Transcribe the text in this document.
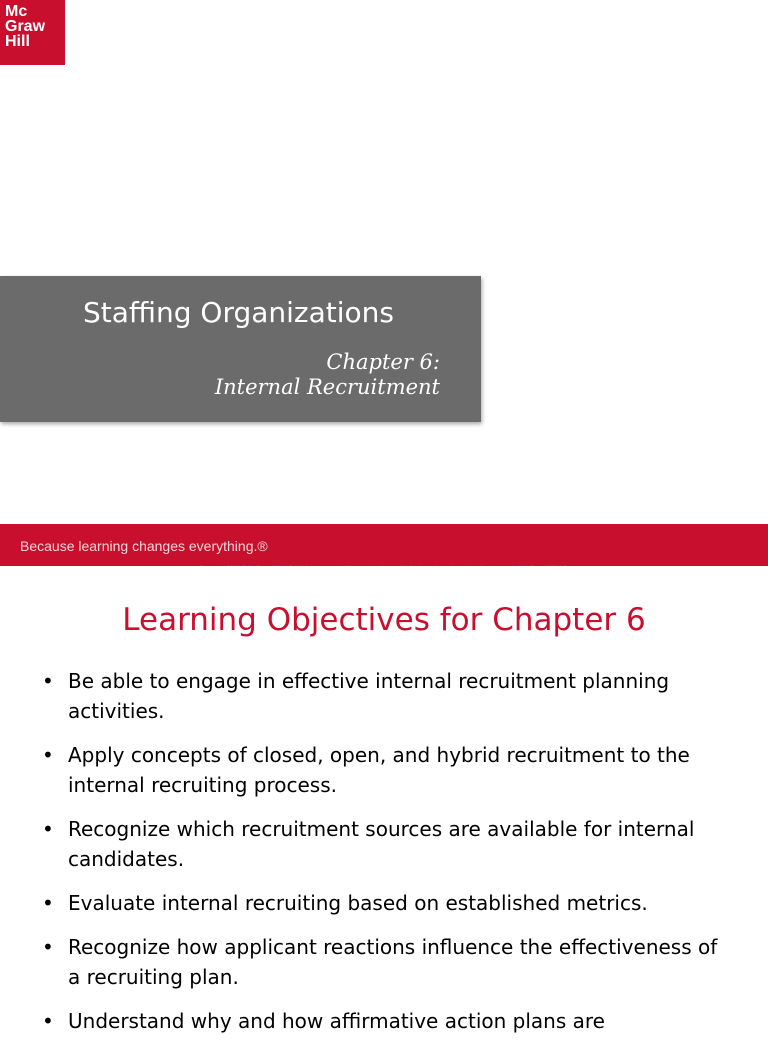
Mc
Graw
Hill
Staffing Organizations
Chapter 6:
Internal Recruitment
Because learning changes everything.®
Learning Objectives for Chapter 6
• Be able to engage in effective internal recruitment planning activities.
• Apply concepts of closed, open, and hybrid recruitment to the internal recruiting process.
• Recognize which recruitment sources are available for internal candidates.
• Evaluate internal recruiting based on established metrics.
• Recognize how applicant reactions influence the effectiveness of a recruiting plan.
• Understand why and how affirmative action plans are
